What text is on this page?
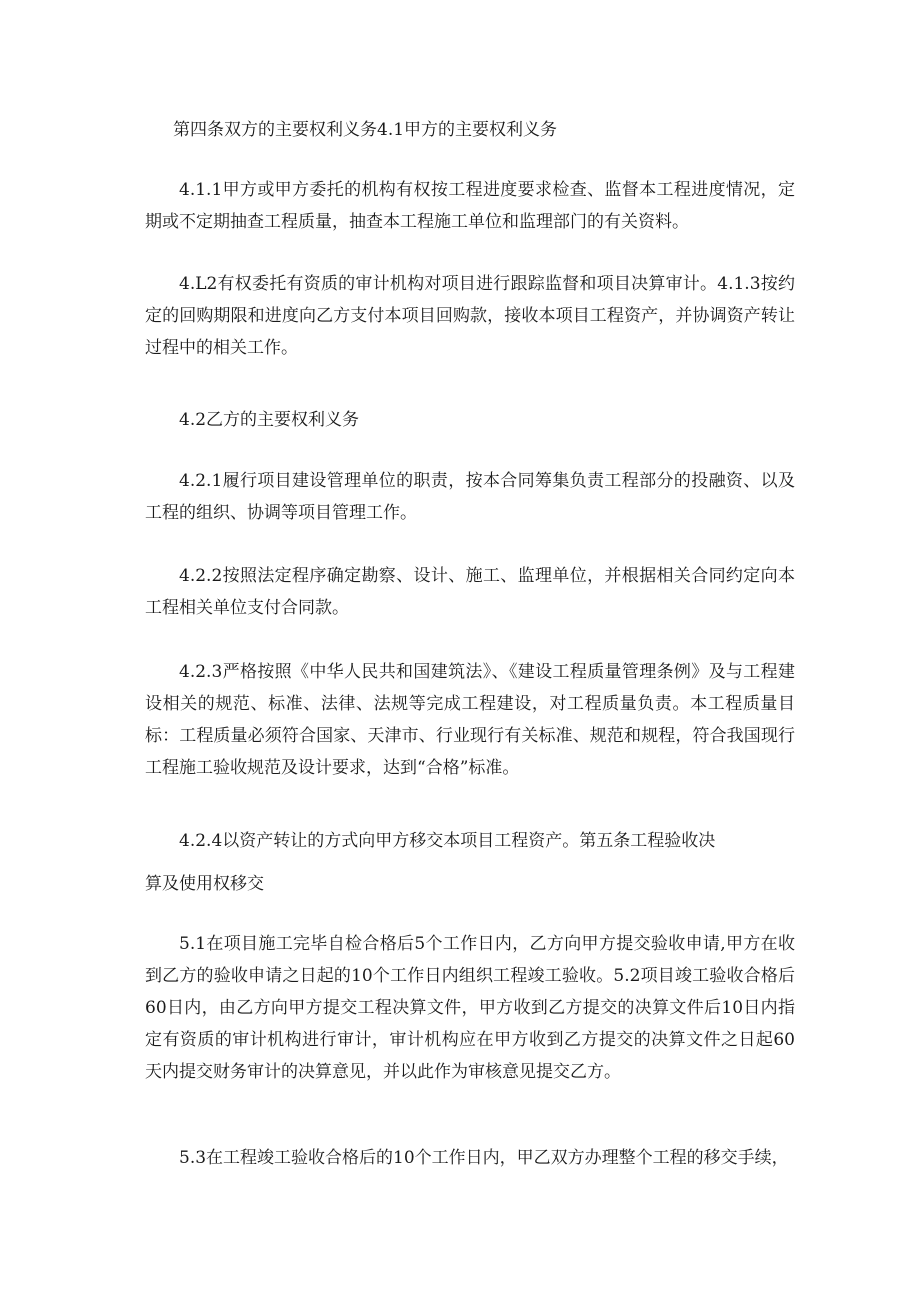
第四条双方的主要权利义务4.1甲方的主要权利义务

4.1.1甲方或甲方委托的机构有权按工程进度要求检查、监督本工程进度情况，定期或不定期抽查工程质量，抽查本工程施工单位和监理部门的有关资料。

4.L2有权委托有资质的审计机构对项目进行跟踪监督和项目决算审计。4.1.3按约定的回购期限和进度向乙方支付本项目回购款，接收本项目工程资产，并协调资产转让过程中的相关工作。

4.2乙方的主要权利义务

4.2.1履行项目建设管理单位的职责，按本合同筹集负责工程部分的投融资、以及工程的组织、协调等项目管理工作。

4.2.2按照法定程序确定勘察、设计、施工、监理单位，并根据相关合同约定向本工程相关单位支付合同款。

4.2.3严格按照《中华人民共和国建筑法》、《建设工程质量管理条例》及与工程建设相关的规范、标准、法律、法规等完成工程建设，对工程质量负责。本工程质量目标：工程质量必须符合国家、天津市、行业现行有关标准、规范和规程，符合我国现行工程施工验收规范及设计要求，达到“合格”标准。

4.2.4以资产转让的方式向甲方移交本项目工程资产。第五条工程验收决

算及使用权移交

5.1在项目施工完毕自检合格后5个工作日内，乙方向甲方提交验收申请,甲方在收到乙方的验收申请之日起的10个工作日内组织工程竣工验收。5.2项目竣工验收合格后60日内，由乙方向甲方提交工程决算文件，甲方收到乙方提交的决算文件后10日内指定有资质的审计机构进行审计，审计机构应在甲方收到乙方提交的决算文件之日起60天内提交财务审计的决算意见，并以此作为审核意见提交乙方。

5.3在工程竣工验收合格后的10个工作日内，甲乙双方办理整个工程的移交手续，
